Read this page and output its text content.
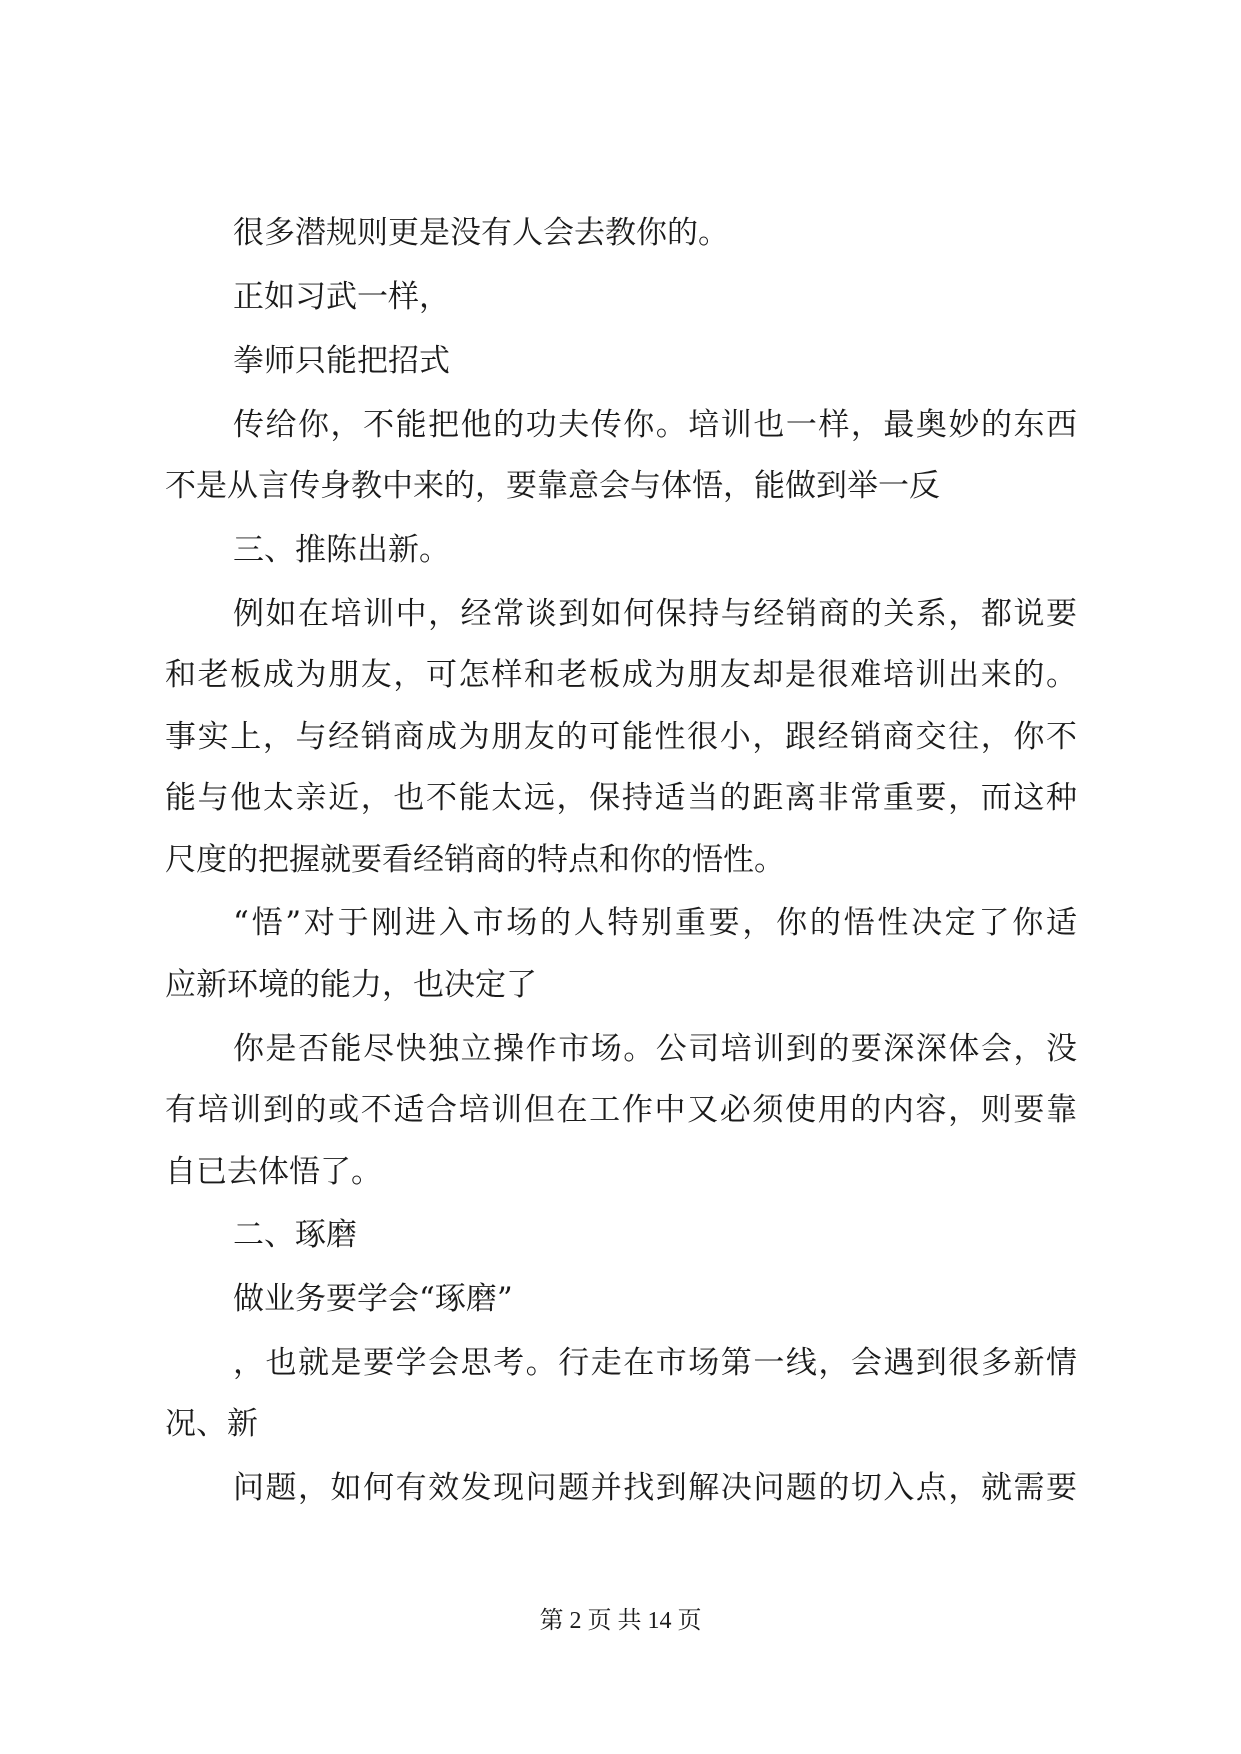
很多潜规则更是没有人会去教你的。
正如习武一样，
拳师只能把招式
传给你，不能把他的功夫传你。培训也一样，最奥妙的东西
不是从言传身教中来的，要靠意会与体悟，能做到举一反
三、推陈出新。
例如在培训中，经常谈到如何保持与经销商的关系，都说要
和老板成为朋友，可怎样和老板成为朋友却是很难培训出来的。
事实上，与经销商成为朋友的可能性很小，跟经销商交往，你不
能与他太亲近，也不能太远，保持适当的距离非常重要，而这种
尺度的把握就要看经销商的特点和你的悟性。
“悟”对于刚进入市场的人特别重要，你的悟性决定了你适
应新环境的能力，也决定了
你是否能尽快独立操作市场。公司培训到的要深深体会，没
有培训到的或不适合培训但在工作中又必须使用的内容，则要靠
自已去体悟了。
二、琢磨
做业务要学会“琢磨”
，也就是要学会思考。行走在市场第一线，会遇到很多新情
况、新
问题，如何有效发现问题并找到解决问题的切入点，就需要
第 2 页 共 14 页
